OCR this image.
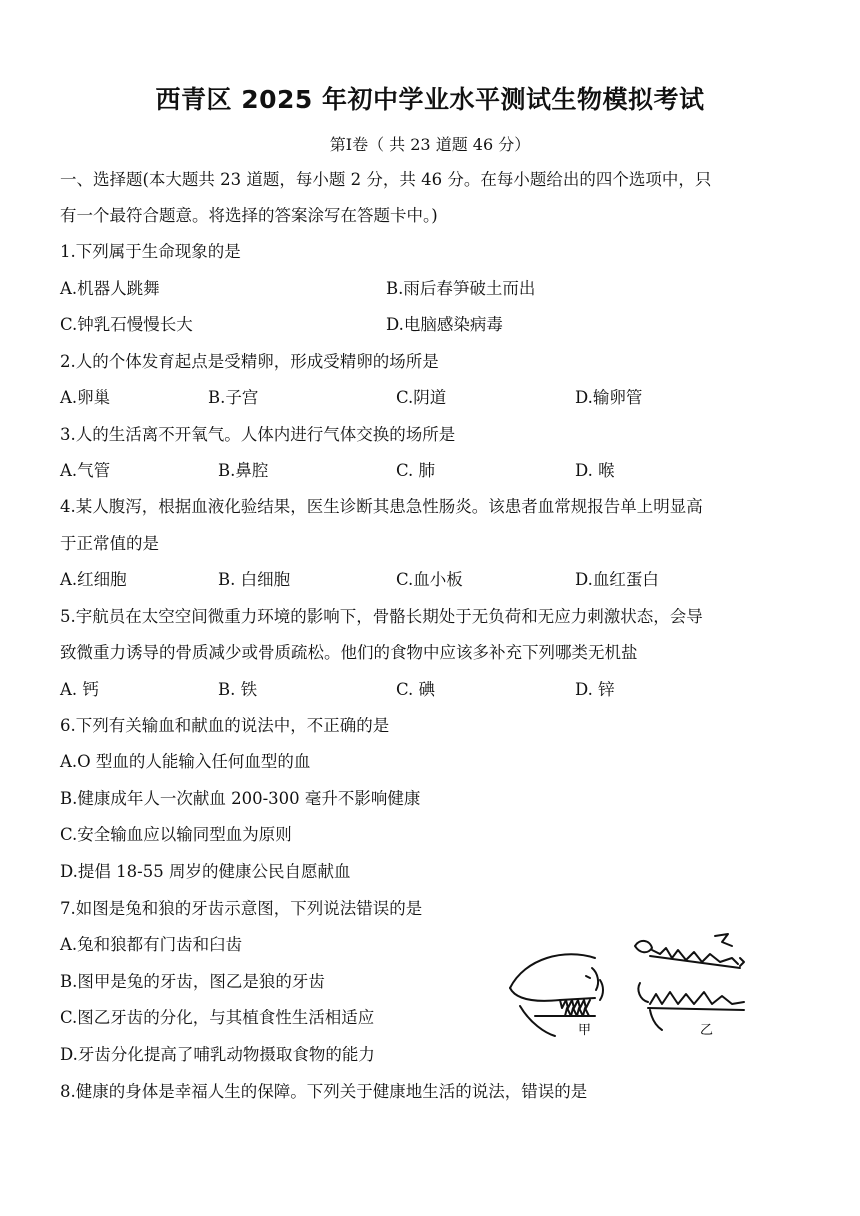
西青区 2025 年初中学业水平测试生物模拟考试
第Ⅰ卷（ 共 23 道题 46 分）
一、选择题(本大题共 23 道题，每小题 2 分，共 46 分。在每小题给出的四个选项中，只
有一个最符合题意。将选择的答案涂写在答题卡中。)
1.下列属于生命现象的是
A.机器人跳舞	B.雨后春笋破土而出
C.钟乳石慢慢长大	D.电脑感染病毒
2.人的个体发育起点是受精卵，形成受精卵的场所是
A.卵巢	B.子宫	C.阴道	D.输卵管
3.人的生活离不开氧气。人体内进行气体交换的场所是
A.气管	B.鼻腔	C. 肺	D. 喉
4.某人腹泻，根据血液化验结果，医生诊断其患急性肠炎。该患者血常规报告单上明显高
于正常值的是
A.红细胞	B. 白细胞	C.血小板	D.血红蛋白
5.宇航员在太空空间微重力环境的影响下，骨骼长期处于无负荷和无应力刺激状态，会导
致微重力诱导的骨质减少或骨质疏松。他们的食物中应该多补充下列哪类无机盐
A. 钙	B. 铁	C. 碘	D. 锌
6.下列有关输血和献血的说法中，不正确的是
A.O 型血的人能输入任何血型的血
B.健康成年人一次献血 200-300 毫升不影响健康
C.安全输血应以输同型血为原则
D.提倡 18-55 周岁的健康公民自愿献血
7.如图是兔和狼的牙齿示意图，下列说法错误的是
A.兔和狼都有门齿和臼齿
B.图甲是兔的牙齿，图乙是狼的牙齿
C.图乙牙齿的分化，与其植食性生活相适应
D.牙齿分化提高了哺乳动物摄取食物的能力
甲	乙
8.健康的身体是幸福人生的保障。下列关于健康地生活的说法，错误的是
